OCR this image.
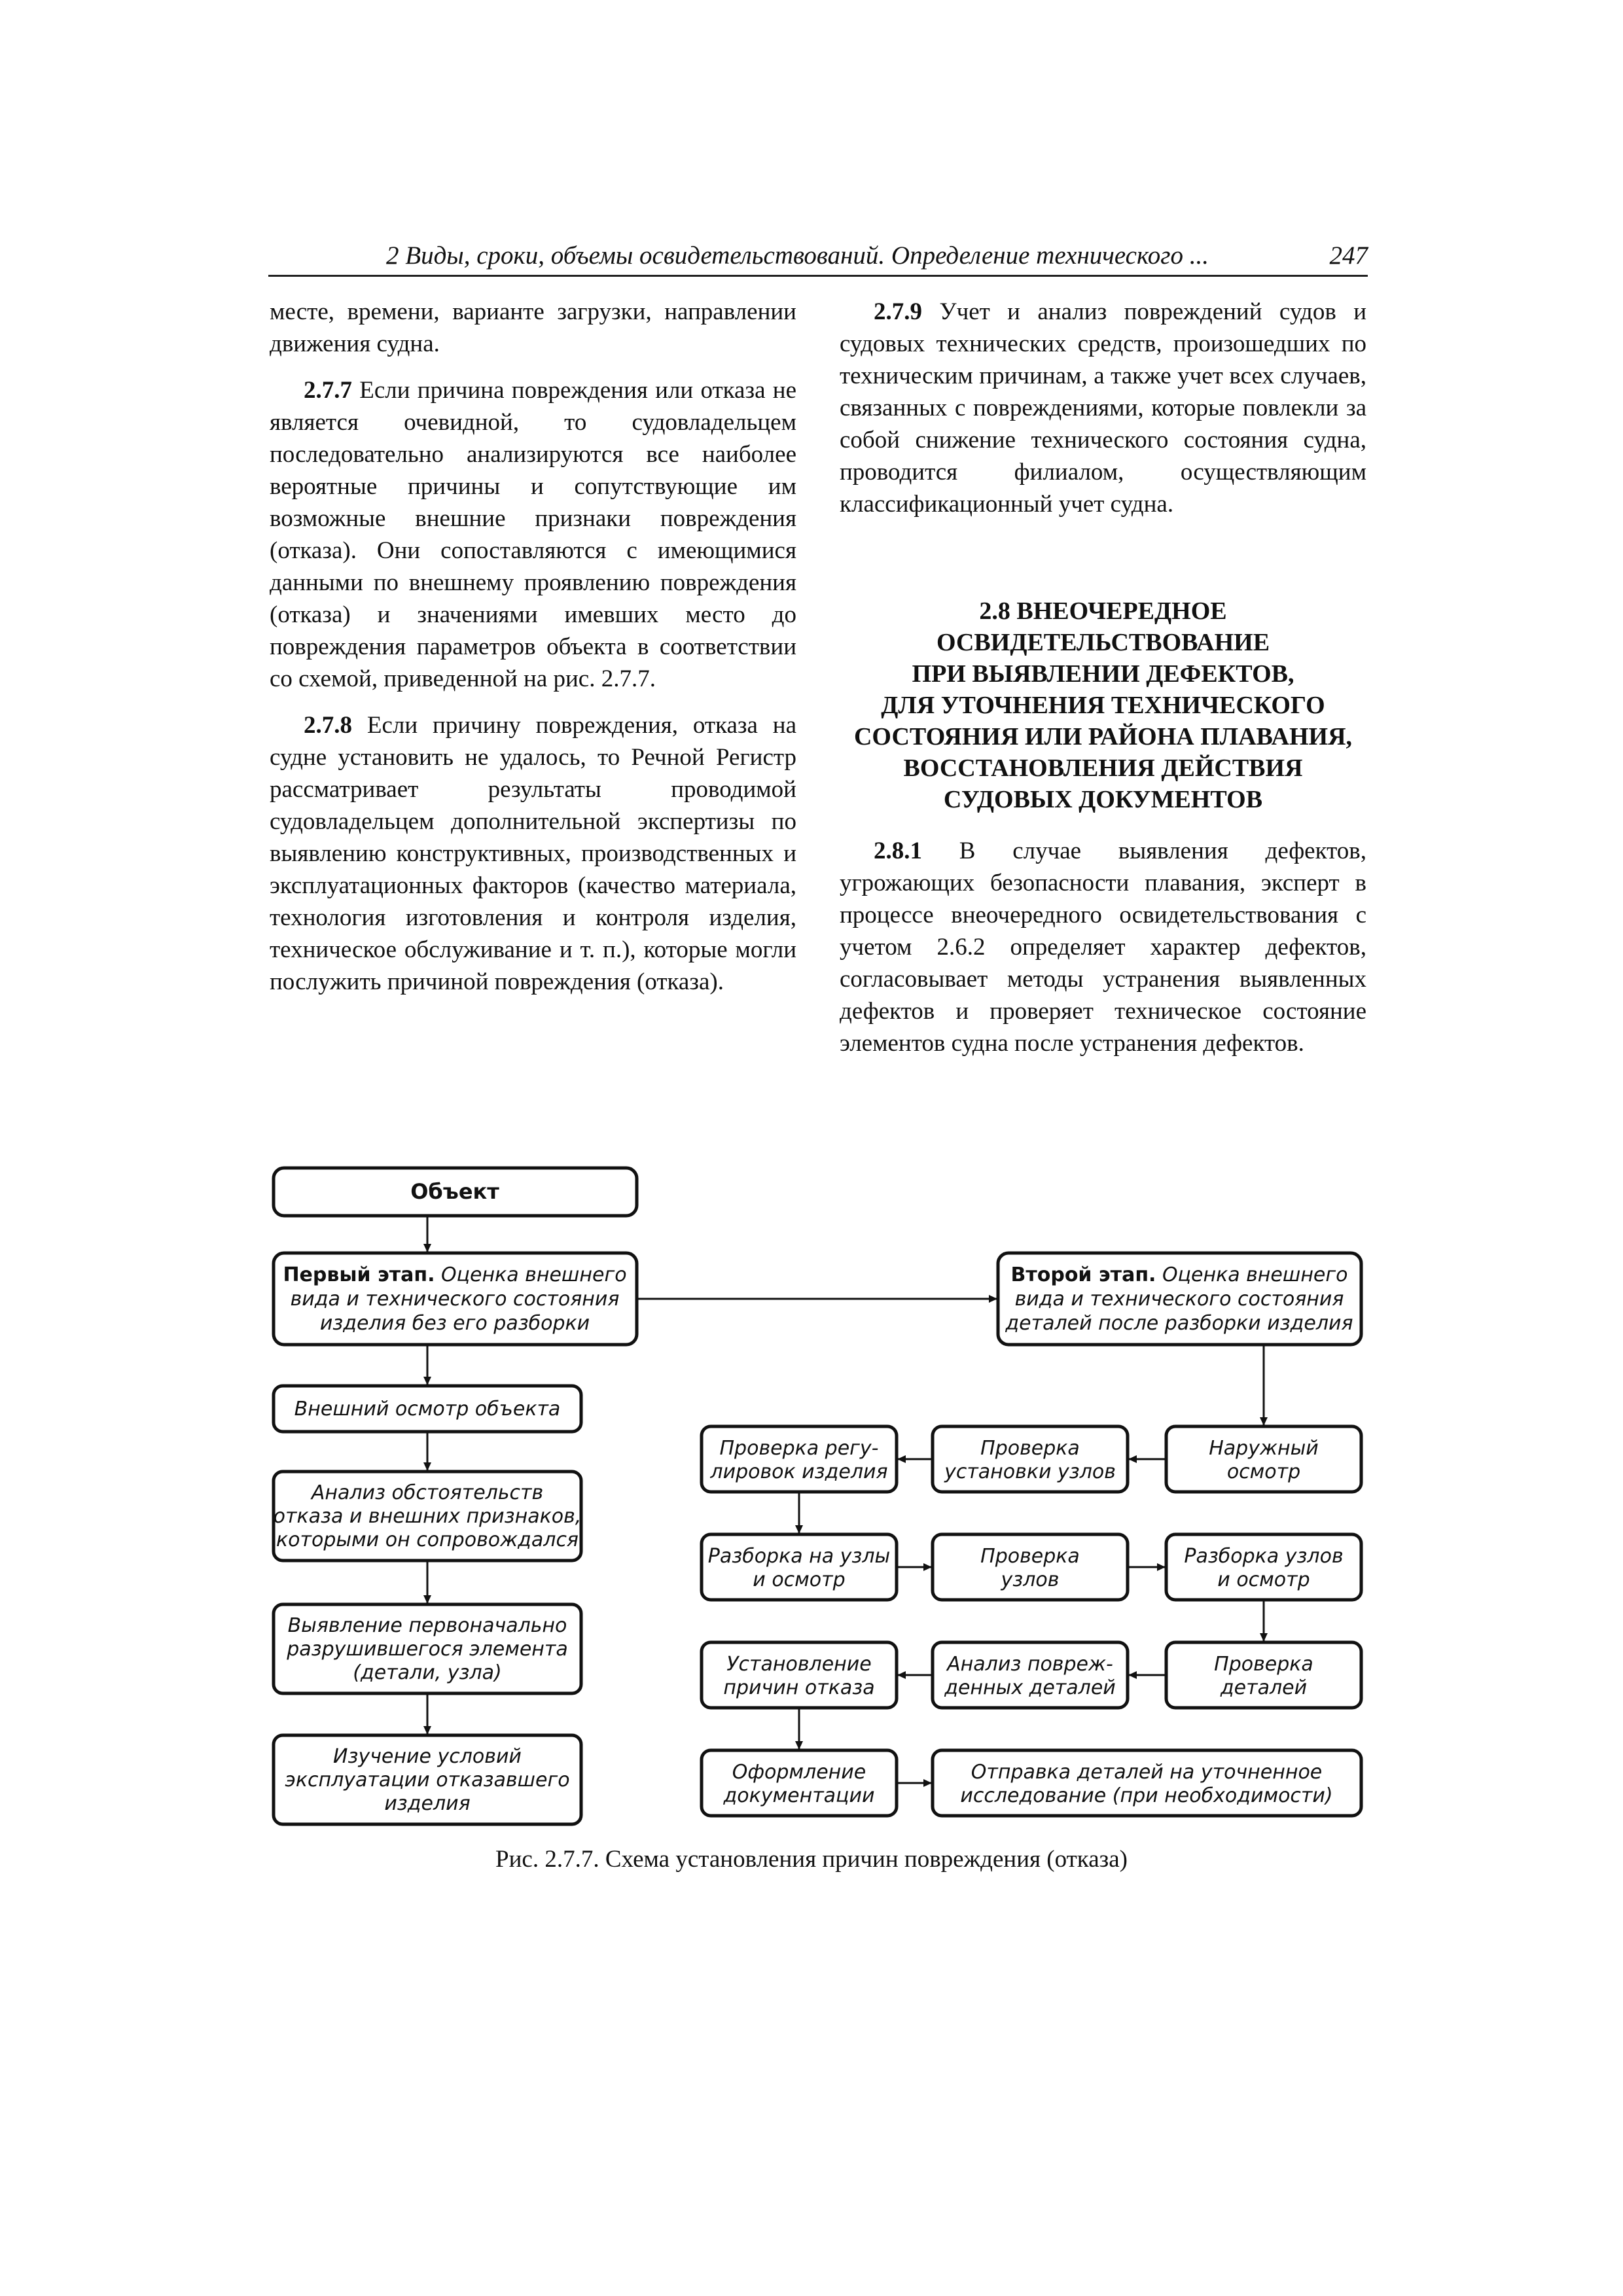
2 Виды, сроки, объемы освидетельствований. Определение технического ...	247

месте, времени, варианте загрузки, направлении движения судна.

2.7.7 Если причина повреждения или отказа не является очевидной, то судовладельцем последовательно анализируются все наиболее вероятные причины и сопутствующие им возможные внешние признаки повреждения (отказа). Они сопоставляются с имеющимися данными по внешнему проявлению повреждения (отказа) и значениями имевших место до повреждения параметров объекта в соответствии со схемой, приведенной на рис. 2.7.7.

2.7.8 Если причину повреждения, отказа на судне установить не удалось, то Речной Регистр рассматривает результаты проводимой судовладельцем дополнительной экспертизы по выявлению конструктивных, производственных и эксплуатационных факторов (качество материала, технология изготовления и контроля изделия, техническое обслуживание и т. п.), которые могли послужить причиной повреждения (отказа).

2.7.9 Учет и анализ повреждений судов и судовых технических средств, произошедших по техническим причинам, а также учет всех случаев, связанных с повреждениями, которые повлекли за собой снижение технического состояния судна, проводится филиалом, осуществляющим классификационный учет судна.

2.8 ВНЕОЧЕРЕДНОЕ
ОСВИДЕТЕЛЬСТВОВАНИЕ
ПРИ ВЫЯВЛЕНИИ ДЕФЕКТОВ,
ДЛЯ УТОЧНЕНИЯ ТЕХНИЧЕСКОГО
СОСТОЯНИЯ ИЛИ РАЙОНА ПЛАВАНИЯ,
ВОССТАНОВЛЕНИЯ ДЕЙСТВИЯ
СУДОВЫХ ДОКУМЕНТОВ

2.8.1 В случае выявления дефектов, угрожающих безопасности плавания, эксперт в процессе внеочередного освидетельствования с учетом 2.6.2 определяет характер дефектов, согласовывает методы устранения выявленных дефектов и проверяет техническое состояние элементов судна после устранения дефектов.

Объект
Первый этап. Оценка внешнего
вида и технического состояния
изделия без его разборки
Второй этап. Оценка внешнего
вида и технического состояния
деталей после разборки изделия
Внешний осмотр объекта
Анализ обстоятельств
отказа и внешних признаков,
которыми он сопровождался
Выявление первоначально
разрушившегося элемента
(детали, узла)
Изучение условий
эксплуатации отказавшего
изделия
Проверка регу-
лировок изделия
Проверка
установки узлов
Наружный
осмотр
Разборка на узлы
и осмотр
Проверка
узлов
Разборка узлов
и осмотр
Установление
причин отказа
Анализ повреж-
денных деталей
Проверка
деталей
Оформление
документации
Отправка деталей на уточненное
исследование (при необходимости)
Рис. 2.7.7. Схема установления причин повреждения (отказа)
